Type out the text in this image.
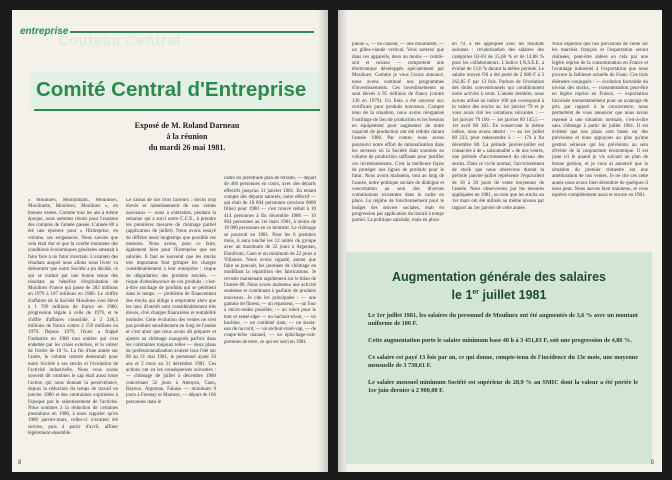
entreprise
Couteau Central
Comité Central d'Entreprise
Exposé de M. Roland Darneau
à la réunion
du mardi 26 mai 1981.
« Moulinex, Moulinmatic, Moulinsec, Moulinette, Moulinex, Moulinex », en bonnes ventes. Comme tous les ans à même époque, nous sommes réunis pour l'examen des comptes de l'année passée. L'année 80 a été une épreuve pour « l'Entreprise, en volume, ses exigeances. Nous savons que cela était dur et que la courbe montante des conditions économiques générales amenait à faire face à un futur incertain. L'examen des résultats auquel nous allons nous livrer va démontrer que notre Société a pu décidé, ce qui se traduit par une bonne tenue des résultats au bénéfice d'exploitation de Moulinex France qui passe de 282 millions en 1979 à 107 millions en 1980. Le chiffre d'affaires de la Société Moulinex s'est élevé à 1 789 millions de francs en 1980, progression légale à celle de 1979, et le chiffre d'affaires consolidé, à 2 246,5 millions de francs contre 2 150 millions en 1979. Depuis 1979, l'écart a frappé l'industrie en 1980 tout entière qui s'est endettée par les crises externes, et la valeur de l'ordre de 10 %. La fin d'une année sur l'autre, le volume rentrée demeurait pour notre Société à ses stocks et l'évolution de l'activité industrielle. Nous vous avons souvent dit combien le cap était aussi toute l'action qui nous donnait la persévérance, depuis la réduction du temps de travail en janvier 1980 et des contraintes exprimées à l'époque par le ralentissement de l'activité. Nous sommes à la réduction de certaines prestations en 1980, à nous rappeler qu'en 1980 janvier-mars, celles-ci n'avaient été suivies, puis à partir d'avril, affiner légèrement ensemble.
Le carnal de nos trois facteurs : stocks trop élevés et ralentissement de nos ventes nouveaux — nous a contraints, pendant la semaine qui a suivi notre C.C.E., à prendre les premières mesures de chômage partiel (application de juillet). Nous avons essayé de différer aussi longtemps que possible ces mesures. Nous avons, pour ce faire, également bien pour l'Entreprise que ses salariés. Il faut se souvenir que les stocks très importants font grimper les charges considérablement à leur entreprise : risque de dégradation des produits stockés. — risque d'obsolescence de ces produits : c'est-à-dire stockage de produits qui se périment dans le temps. — problème de financement des stocks qui oblige à emprunter alors que les taux d'intérêt sont considérablement très élevés, d'où charges financières et rentabilité moindre. Cette évolution des ventes ne s'est pas produite sensiblement en long de l'année et c'est ainsi que nous avons dû préparer et ajuster au chômage inaugurés parfois dans les contraintes toujours telles — deux plans de professionnalisation avaient tous l'été sur 80 au 31 mai 1981, le personnel ayant 56 ans et 2 mois au 31 décembre 1981. Ces actions ont eu les conséquences suivantes : — chômage de juillet à décembre 1980 concernant 32 jours à Alençon, Caen, Bayeux, Argentan, Falaise — minimum 9 jours à Fresnay et Mamers, — départ de 166 personnes dans le
cadre du préretraite plan de retraite, — départ de 460 personnes en cours, avec des départs effectifs jusqu'au 31 janvier 1981. En tenant compte des départs naturels, notre effectif — qui était de 10 604 personnes (environ 6000 filles) pour 1980 — s'est trouvé réduit à 10 414 personnes à fin décembre 1980 — 10 064 personnes au 1er mars 1981, à moins de 10 000 personnes en ce moment. Le chômage se poursuit en 1981. Pour les 6 premiers mois, il aura touché les 12 unités du groupe avec un maximum de 32 jours à Argentan, Domfront, Caen et un minimum de 22 jours à Villaines. Nous avons signalé, autant que faire se pouvait, les journées de chômage en modifiant la répartition des fabrications. Je revisite maintenant rapidement sur le bilan de l'année 80. Nous avons maintenu une activité soutenue et continuant à parfaire de produits nouveaux. Je cite les principales : — une gamme de fitness, — un repasseur, — un four à micro-ondes possible, — un robot pour le tout et sensé-râpe — un hachoir-trieur, — un hachine, — un combiné riant, — un siesta-eau de raccord, — un séchoir-rond-vap, — de coupe-brise manuel, — un épluchage-cuit-pommes de terre, ce qui est sorti en 1981.
8
pleine », — un cuiseur, — une moulinette, — un gilles-viande vertical. Vous noterez que dans ces appareils, deux au moins — combi-soir et cuiseur — comportent une électronique développée spécialement par Moulinex. Comme je vous l'avais annoncé, nous avons continué nos programmes d'investissements. Ces investissements se sont élevés à 95 millions de francs (contre 136 en 1979). Un frein a été souvent aux certificats pour produits nouveaux. Compte tenu de la situation, nous avons réorganisé l'outillage de lieu de production et les besoins en équipement pour augmenter de notre capacité de production ont été réduits durant l'année 1980. Par contre, nous avons poursuivi notre effort de rationalisation dans les secteurs où la Société était soumise au volume de production suffisant pour justifier ces investissements. C'est la meilleure façon de protéger nos lignes de produits pour le futur. Nous avons maintenu, tout au long de l'année, notre politique sociale de dialogue et concertation au sein des diverses commissions existantes dans le cadre en place. Le régime de fonctionnement pour le budget des œuvres sociales, était en progression par application du travail à temps partiel. La politique salariale, mais en place
en 79, a été appliquée avec les résultats suivants : revalorisation des salaires des catégories 02-03 de 15,68 % et de 14,88 % pour les collaborateurs. L'indice I.N.S.E.E. a évolué de 13,6 % durant la même période. Le salaire moyen OS a été porté de 2 800 F à 3 262,85 F par 13 fois. Parlons de l'évolution des droits conventionnels qui conditionnent notre activité à venir. L'année dernière, nous avions utilisé un indice 100 qui correspond à la valeur des stocks au 1er janvier 79 et je vous avais cité les variations suivantes : — 1er janvier 79 100 — 1er janvier 80 145,5 — 1er avril 80 183. En conservant le même indice, nous avons atteint : — au 1er juillet 80 223, pour redescendre à : — 174 à fin décembre 80. La période janvier-juillet est consacrée à de « saisonnalité » de nos ventes, une période d'accroissement du niveau des stocks. Dans ce cycle normal, l'accroissement de stock que nous observons durant la période janvier-juillet représente l'équivalent de 18 à 20 jours de vente moyennes de l'année. Nous observerons par les mesures appliquées en 1981, ou sont que les stocks au 1er mars ont été utilisés au même niveau par rapport au 1er janvier de cette année.
Nous espérons que nos prévisions de vente sur les marchés français et l'exportation seront réalisées, peut-être aidées en cela par une légère reprise de la consommation en France et l'avantage industriel à l'exportation que nous procure la faiblesse actuelle du Franc. Ces trois éléments conjugués : — évolution favorable du niveau des stocks, — consommation peut-être en légère reprise en France, — exportation favorisée momentanément pour un avantage de prix par rapport à la concurrence, nous permettent de vous annoncer que nous avons repensé à une situation normale, c'est-à-dire sans chômage à partir de juillet 1981. Il est évident que nos plans sont basés sur des prévisions et nous appuyons au plus qu'une gestion sérieuse qui les prévisions au sein d'éviter de la conjoncture économique. Il est juste ici le quand je vis suivant un plan de bonne gestion, et je vous ai annoncé que la situation du premier trimestre est une amélioration de nos ventes. Je ne cite ces cette année nous avons bien décembre de quelques il nous peut. Nous aurons bien maintenu, et vous espérez complètement aussi et encore en 1981.
Augmentation générale des salaires
le 1er juillet 1981

Le 1er juillet 1981, les salaires du personnel de Moulinex ont été augmentés de 3,6 % avec un montant uniforme de 100 F.

Cette augmentation porte le salaire minimum base 40 h à 3 451,03 F, soit une progression de 4,86 %.

Ce salaire est payé 13 fois par an, ce qui donne, compte-tenu de l'incidence du 13e mois, une moyenne mensuelle de 3 738,61 F.

Le salaire mensuel minimum Société est supérieur de 28,9 % au SMIC dont la valeur a été portée le 1er juin dernier à 2 900,00 F.

9
